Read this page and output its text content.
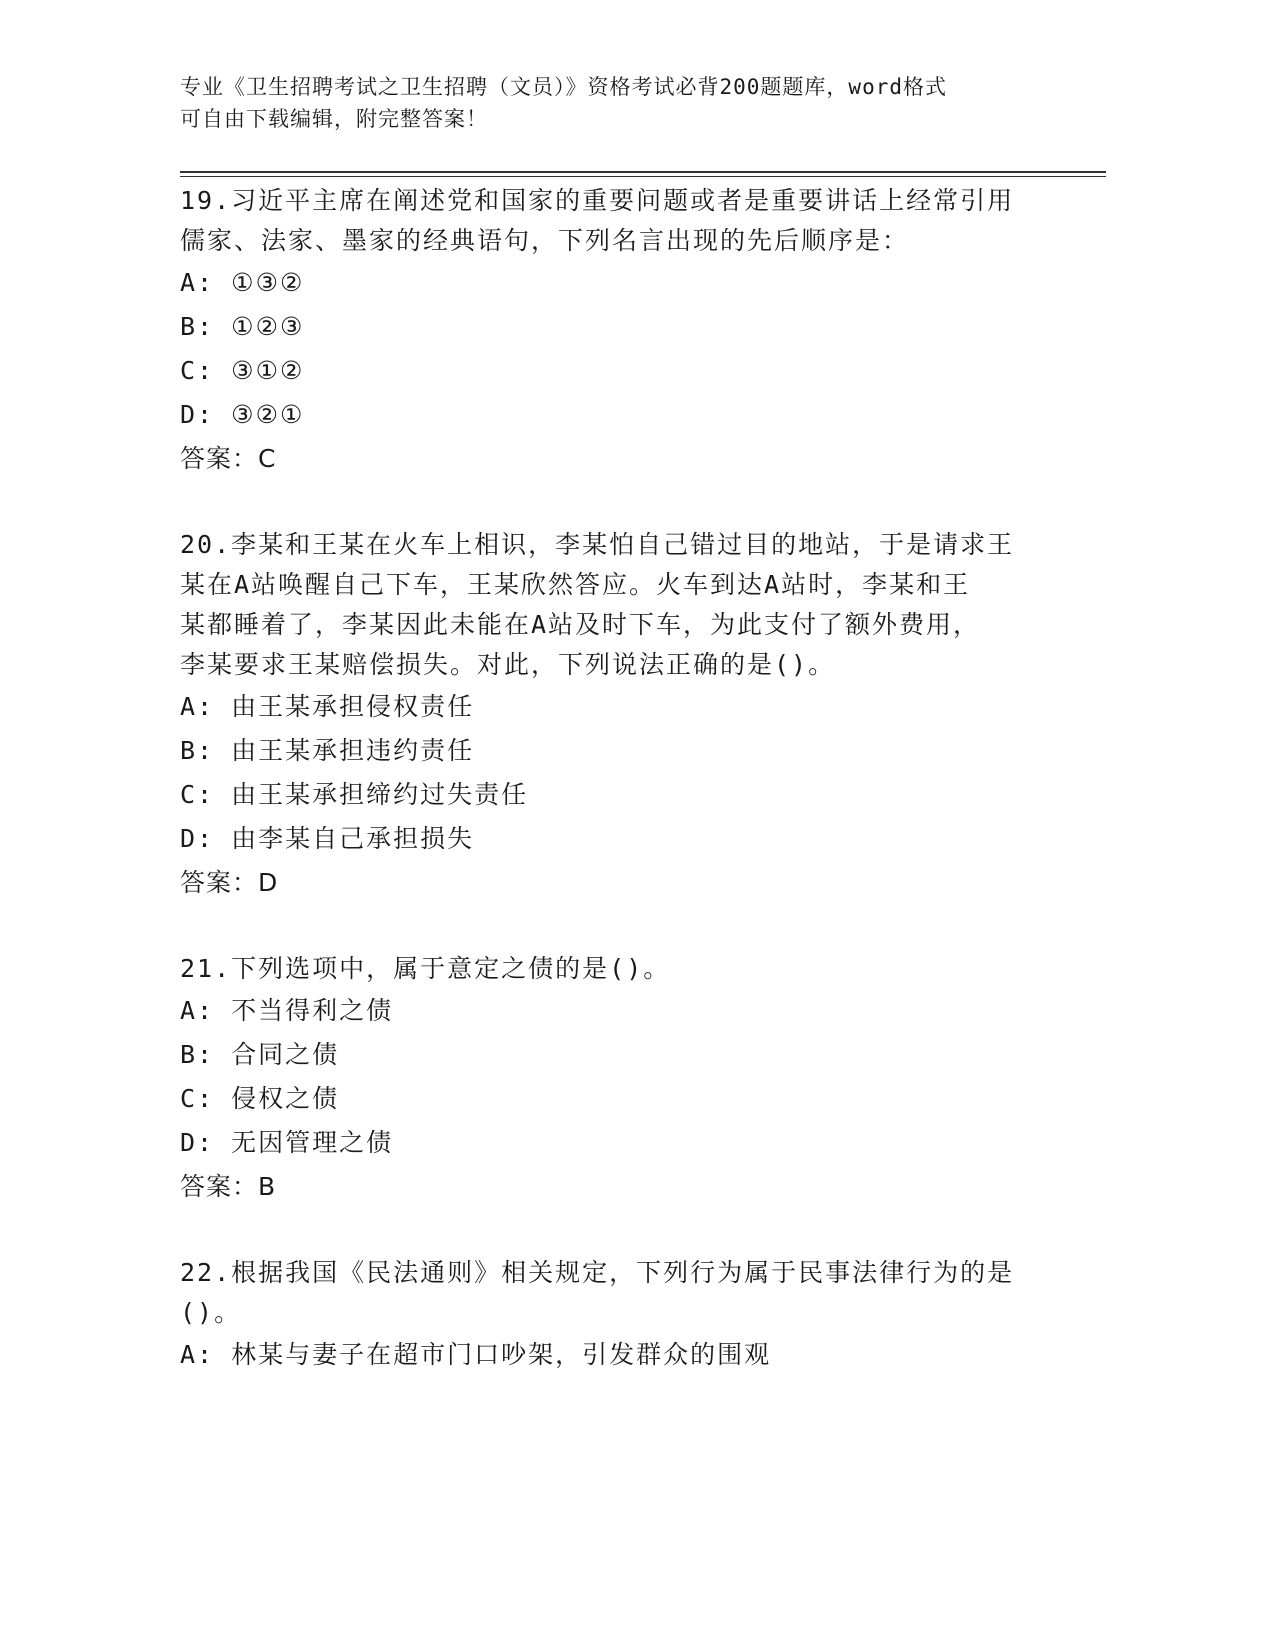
专业《卫生招聘考试之卫生招聘（文员）》资格考试必背200题题库，word格式
可自由下载编辑，附完整答案！
19.习近平主席在阐述党和国家的重要问题或者是重要讲话上经常引用
儒家、法家、墨家的经典语句，下列名言出现的先后顺序是：
A: ①③②
B: ①②③
C: ③①②
D: ③②①
答案：C
20.李某和王某在火车上相识，李某怕自己错过目的地站，于是请求王
某在A站唤醒自己下车，王某欣然答应。火车到达A站时，李某和王
某都睡着了，李某因此未能在A站及时下车，为此支付了额外费用，
李某要求王某赔偿损失。对此，下列说法正确的是()。
A: 由王某承担侵权责任
B: 由王某承担违约责任
C: 由王某承担缔约过失责任
D: 由李某自己承担损失
答案：D
21.下列选项中，属于意定之债的是()。
A: 不当得利之债
B: 合同之债
C: 侵权之债
D: 无因管理之债
答案：B
22.根据我国《民法通则》相关规定，下列行为属于民事法律行为的是
()。
A: 林某与妻子在超市门口吵架，引发群众的围观
